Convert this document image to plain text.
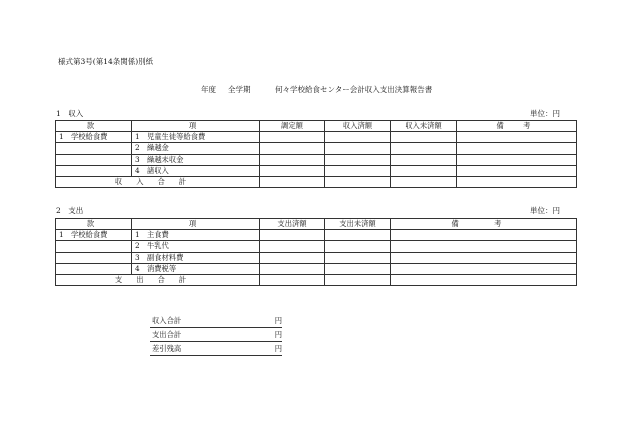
様式第3号(第14条関係)別紙
年度 全学期	何々学校給食センター会計収入支出決算報告書
1　収入	単位：円
款	項	調定額	収入済額	収入未済額	備　考
1　学校給食費	1　児童生徒等給食費				
	2　繰越金				
	3　繰越未収金				
	4　諸収入				
収入合計					
2　支出	単位：円
款	項	支出済額	支出未済額	備　考
1　学校給食費	1　主食費			
	2　牛乳代			
	3　副食材料費			
	4　消費税等			
支出合計				
収入合計	円
支出合計	円
差引残高	円
